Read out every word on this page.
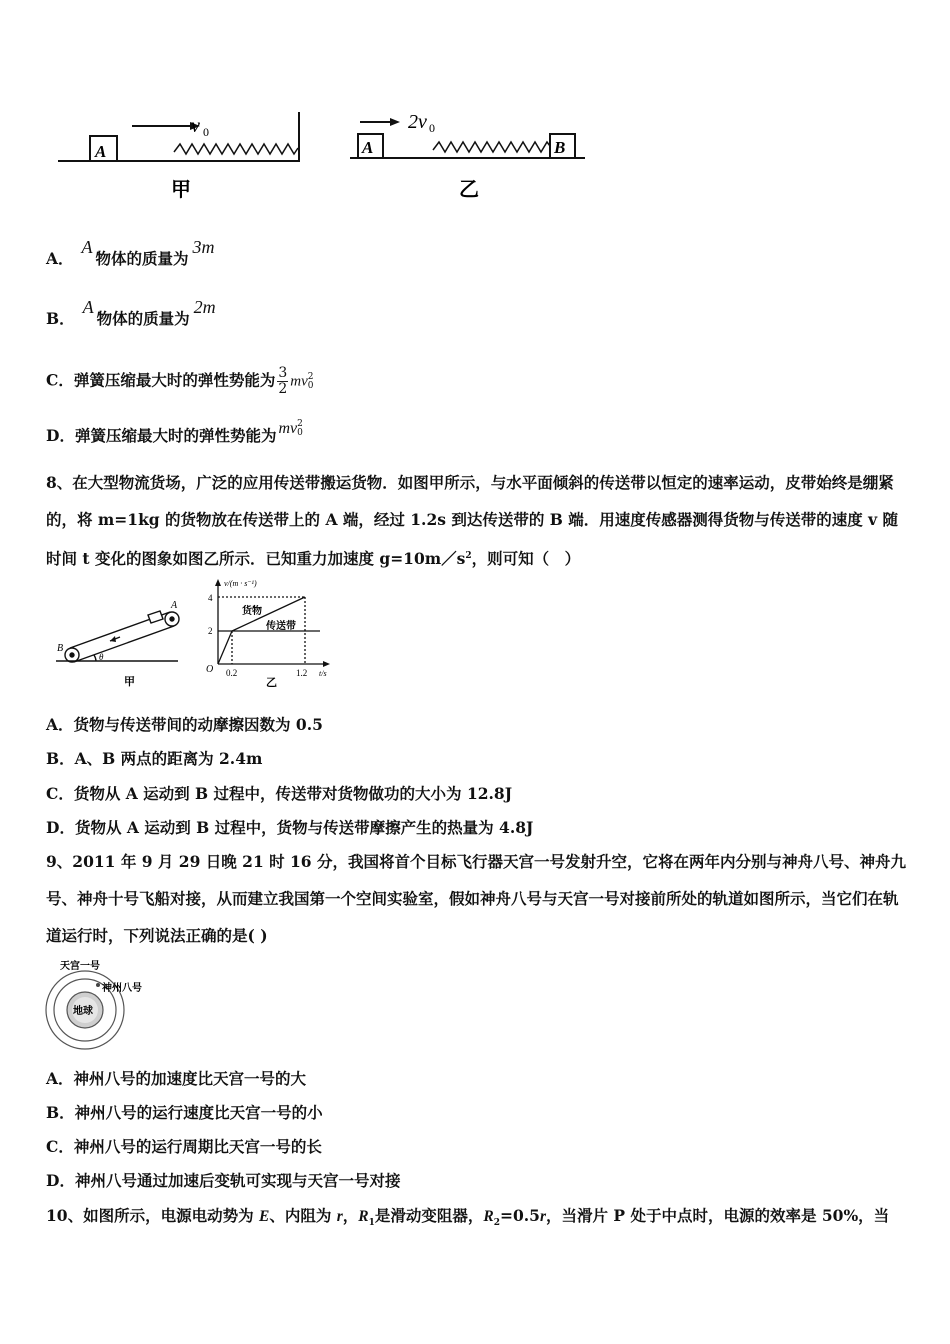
A
v 0
甲
A	B
2v 0
乙
A．A物体的质量为3m
B．A物体的质量为2m
C．弹簧压缩最大时的弹性势能为 $\frac{3}{2}$ mv 2
0
D．弹簧压缩最大时的弹性势能为 mv 2
0
8、在大型物流货场，广泛的应用传送带搬运货物．如图甲所示，与水平面倾斜的传送带以恒定的速率运动，皮带始终是绷紧的，将 m=1kg 的货物放在传送带上的 A 端，经过 1.2s 到达传送带的 B 端．用速度传感器测得货物与传送带的速度 v 随时间 t 变化的图象如图乙所示．已知重力加速度 $g=10m/s^2$，则可知（　）
A
B
θ
甲
v/(m · s⁻¹)
4
2
O 0.2	1.2 t/s
货物
传送带
乙
A．货物与传送带间的动摩擦因数为 0.5
B．A、B 两点的距离为 2.4m
C．货物从 A 运动到 B 过程中，传送带对货物做功的大小为 12.8J
D．货物从 A 运动到 B 过程中，货物与传送带摩擦产生的热量为 4.8J
9、2011 年 9 月 29 日晚 21 时 16 分，我国将首个目标飞行器天宫一号发射升空，它将在两年内分别与神舟八号、神舟九号、神舟十号飞船对接，从而建立我国第一个空间实验室，假如神舟八号与天宫一号对接前所处的轨道如图所示，当它们在轨道运行时，下列说法正确的是( )
天宫一号
神州八号
地球
A．神州八号的加速度比天宫一号的大
B．神州八号的运行速度比天宫一号的小
C．神州八号的运行周期比天宫一号的长
D．神州八号通过加速后变轨可实现与天宫一号对接
10、如图所示，电源电动势为 E、内阻为 r，$R_1$是滑动变阻器，$R_2=0.5r$，当滑片 P 处于中点时，电源的效率是 50%，当
